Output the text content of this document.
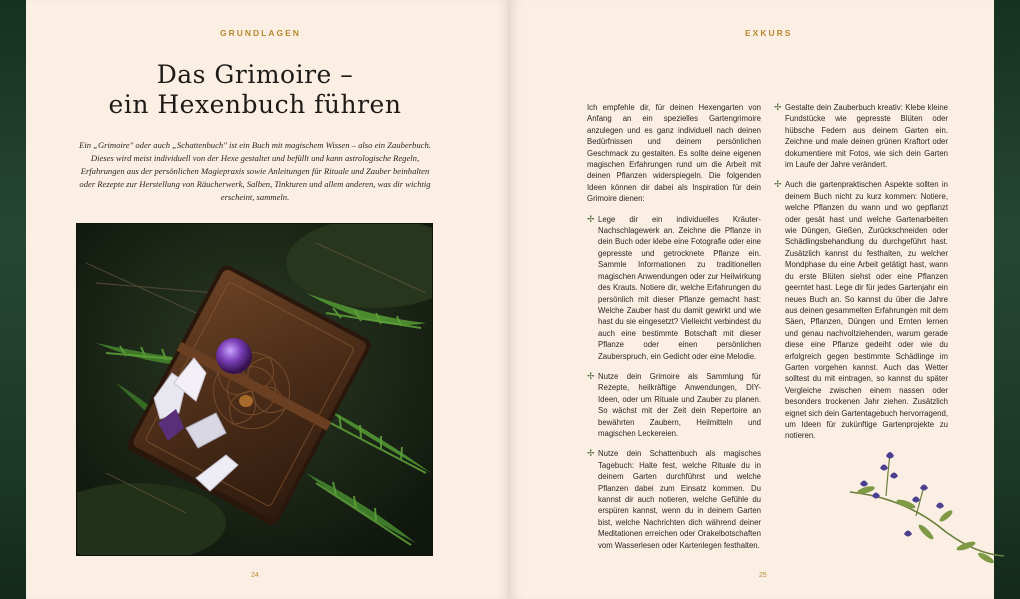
GRUNDLAGEN
Das Grimoire –
ein Hexenbuch führen
Ein „Grimoire" oder auch „Schattenbuch" ist ein Buch mit magischem Wissen – also ein Zauberbuch. Dieses wird meist individuell von der Hexe gestaltet und befüllt und kann astrologische Regeln, Erfahrungen aus der persönlichen Magiepraxis sowie Anleitungen für Rituale und Zauber beinhalten oder Rezepte zur Herstellung von Räucherwerk, Salben, Tinkturen und allem anderen, was dir wichtig erscheint, sammeln.
24
EXKURS

Ich empfehle dir, für deinen Hexengarten von Anfang an ein spezielles Gartengrimoire anzulegen und es ganz individuell nach deinen Bedürfnissen und deinem persönlichen Geschmack zu gestalten. Es sollte deine eigenen magischen Erfahrungen rund um die Arbeit mit deinen Pflanzen widerspiegeln. Die folgenden Ideen können dir dabei als Inspiration für dein Grimoire dienen:

✢ Lege dir ein individuelles Kräuter-Nachschlagewerk an. Zeichne die Pflanze in dein Buch oder klebe eine Fotografie oder eine gepresste und getrocknete Pflanze ein. Sammle Informationen zu traditionellen magischen Anwendungen oder zur Heilwirkung des Krauts. Notiere dir, welche Erfahrungen du persönlich mit dieser Pflanze gemacht hast: Welche Zauber hast du damit gewirkt und wie hast du sie eingesetzt? Vielleicht verbindest du auch eine bestimmte Botschaft mit dieser Pflanze oder einen persönlichen Zauberspruch, ein Gedicht oder eine Melodie.
✢ Nutze dein Grimoire als Sammlung für Rezepte, heilkräftige Anwendungen, DIY-Ideen, oder um Rituale und Zauber zu planen. So wächst mit der Zeit dein Repertoire an bewährten Zaubern, Heilmitteln und magischen Leckereien.
✢ Nutze dein Schattenbuch als magisches Tagebuch: Halte fest, welche Rituale du in deinem Garten durchführst und welche Pflanzen dabei zum Einsatz kommen. Du kannst dir auch notieren, welche Gefühle du erspüren kannst, wenn du in deinem Garten bist, welche Nachrichten dich während deiner Meditationen erreichen oder Orakelbotschaften vom Wasserlesen oder Kartenlegen festhalten.
✢ Gestalte dein Zauberbuch kreativ: Klebe kleine Fundstücke wie gepresste Blüten oder hübsche Federn aus deinem Garten ein. Zeichne und male deinen grünen Kraftort oder dokumentiere mit Fotos, wie sich dein Garten im Laufe der Jahre verändert.
✢ Auch die gartenpraktischen Aspekte sollten in deinem Buch nicht zu kurz kommen: Notiere, welche Pflanzen du wann und wo gepflanzt oder gesät hast und welche Gartenarbeiten wie Düngen, Gießen, Zurückschneiden oder Schädlingsbehandlung du durchgeführt hast. Zusätzlich kannst du festhalten, zu welcher Mondphase du eine Arbeit getätigt hast, wann du erste Blüten siehst oder eine Pflanzen geerntet hast. Lege dir für jedes Gartenjahr ein neues Buch an. So kannst du über die Jahre aus deinen gesammelten Erfahrungen mit dem Säen, Pflanzen, Düngen und Ernten lernen und genau nachvollziehenden, warum gerade diese eine Pflanze gedeiht oder wie du erfolgreich gegen bestimmte Schädlinge im Garten vorgehen kannst. Auch das Wetter solltest du mit eintragen, so kannst du später Vergleiche zwischen einem nassen oder besonders trockenen Jahr ziehen. Zusätzlich eignet sich dein Gartentagebuch hervorragend, um Ideen für zukünftige Gartenprojekte zu notieren.
25
